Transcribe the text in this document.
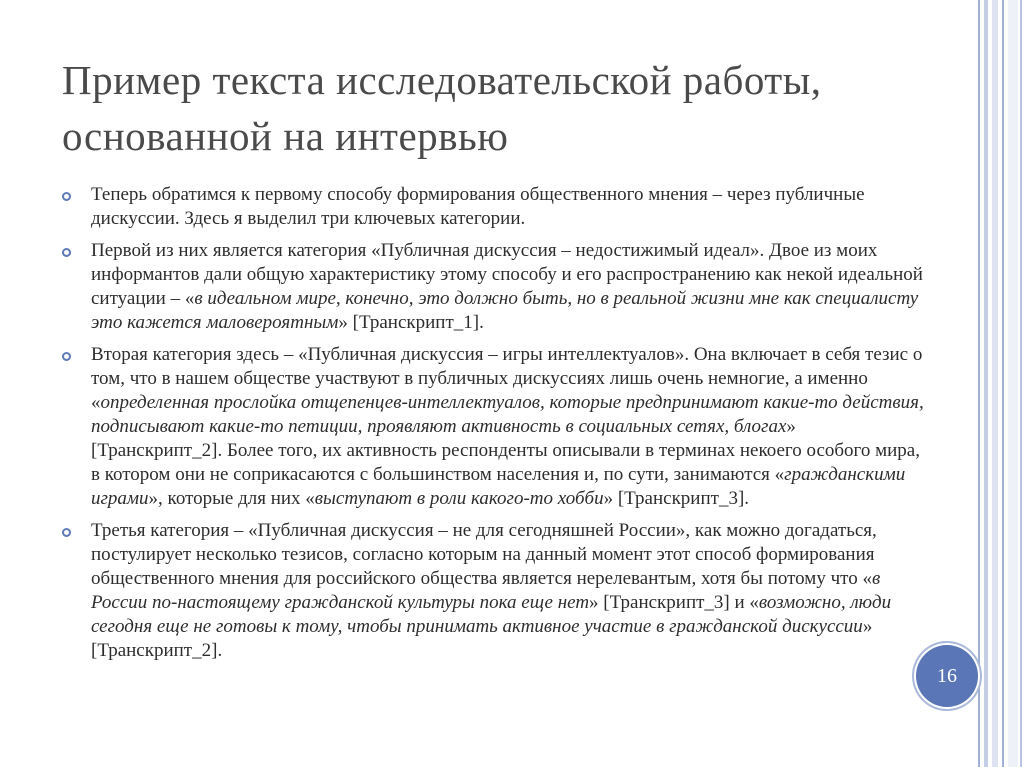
Пример текста исследовательской работы, основанной на интервью
Теперь обратимся к первому способу формирования общественного мнения – через публичные дискуссии. Здесь я выделил три ключевых категории.
Первой из них является категория «Публичная дискуссия – недостижимый идеал». Двое из моих информантов дали общую характеристику этому способу и его распространению как некой идеальной ситуации – «в идеальном мире, конечно, это должно быть, но в реальной жизни мне как специалисту это кажется маловероятным» [Транскрипт_1].
Вторая категория здесь – «Публичная дискуссия – игры интеллектуалов». Она включает в себя тезис о том, что в нашем обществе участвуют в публичных дискуссиях лишь очень немногие, а именно «определенная прослойка отщепенцев-интеллектуалов, которые предпринимают какие-то действия, подписывают какие-то петиции, проявляют активность в социальных сетях, блогах» [Транскрипт_2]. Более того, их активность респонденты описывали в терминах некоего особого мира, в котором они не соприкасаются с большинством населения и, по сути, занимаются «гражданскими играми», которые для них «выступают в роли какого-то хобби» [Транскрипт_3].
Третья категория – «Публичная дискуссия – не для сегодняшней России», как можно догадаться, постулирует несколько тезисов, согласно которым на данный момент этот способ формирования общественного мнения для российского общества является нерелевантым, хотя бы потому что «в России по-настоящему гражданской культуры пока еще нет» [Транскрипт_3] и «возможно, люди сегодня еще не готовы к тому, чтобы принимать активное участие в гражданской дискуссии» [Транскрипт_2].
16
